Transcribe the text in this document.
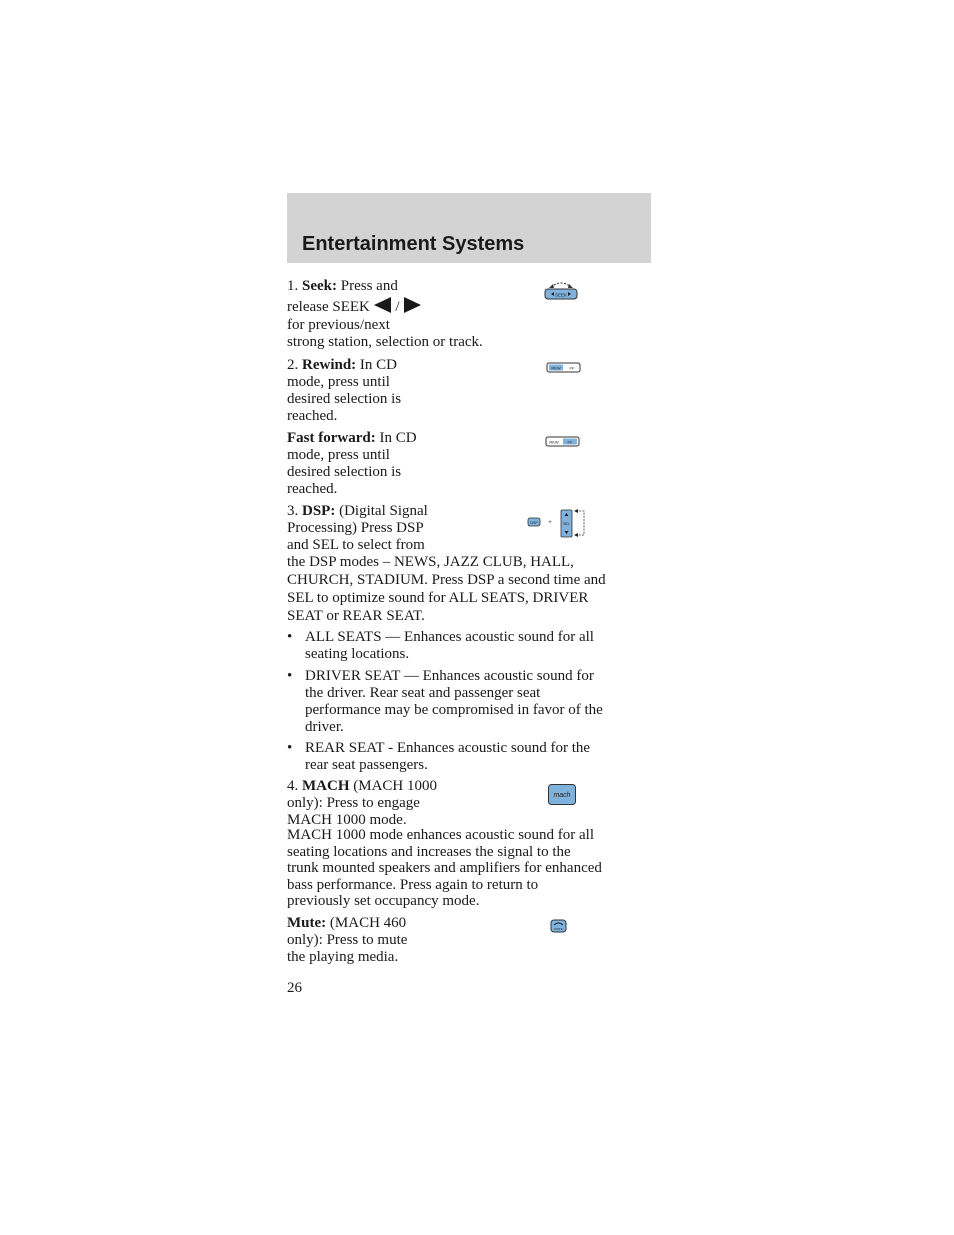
Entertainment Systems
1. Seek: Press and
release SEEK /
for previous/next
strong station, selection or track.
SEEK
2. Rewind: In CD
mode, press until
desired selection is
reached.
REW FF
Fast forward: In CD
mode, press until
desired selection is
reached.
REW FF
3. DSP: (Digital Signal
Processing) Press DSP
and SEL to select from
the DSP modes – NEWS, JAZZ CLUB, HALL,
CHURCH, STADIUM. Press DSP a second time and
SEL to optimize sound for ALL SEATS, DRIVER
SEAT or REAR SEAT.
DSP +	SEL
• ALL SEATS — Enhances acoustic sound for all
seating locations.
• DRIVER SEAT — Enhances acoustic sound for
the driver. Rear seat and passenger seat
performance may be compromised in favor of the
driver.
• REAR SEAT - Enhances acoustic sound for the
rear seat passengers.
4. MACH (MACH 1000
only): Press to engage
MACH 1000 mode.
MACH 1000 mode enhances acoustic sound for all
seating locations and increases the signal to the
trunk mounted speakers and amplifiers for enhanced
bass performance. Press again to return to
previously set occupancy mode.
mach
Mute: (MACH 460
only): Press to mute
the playing media.
MUTE
26
